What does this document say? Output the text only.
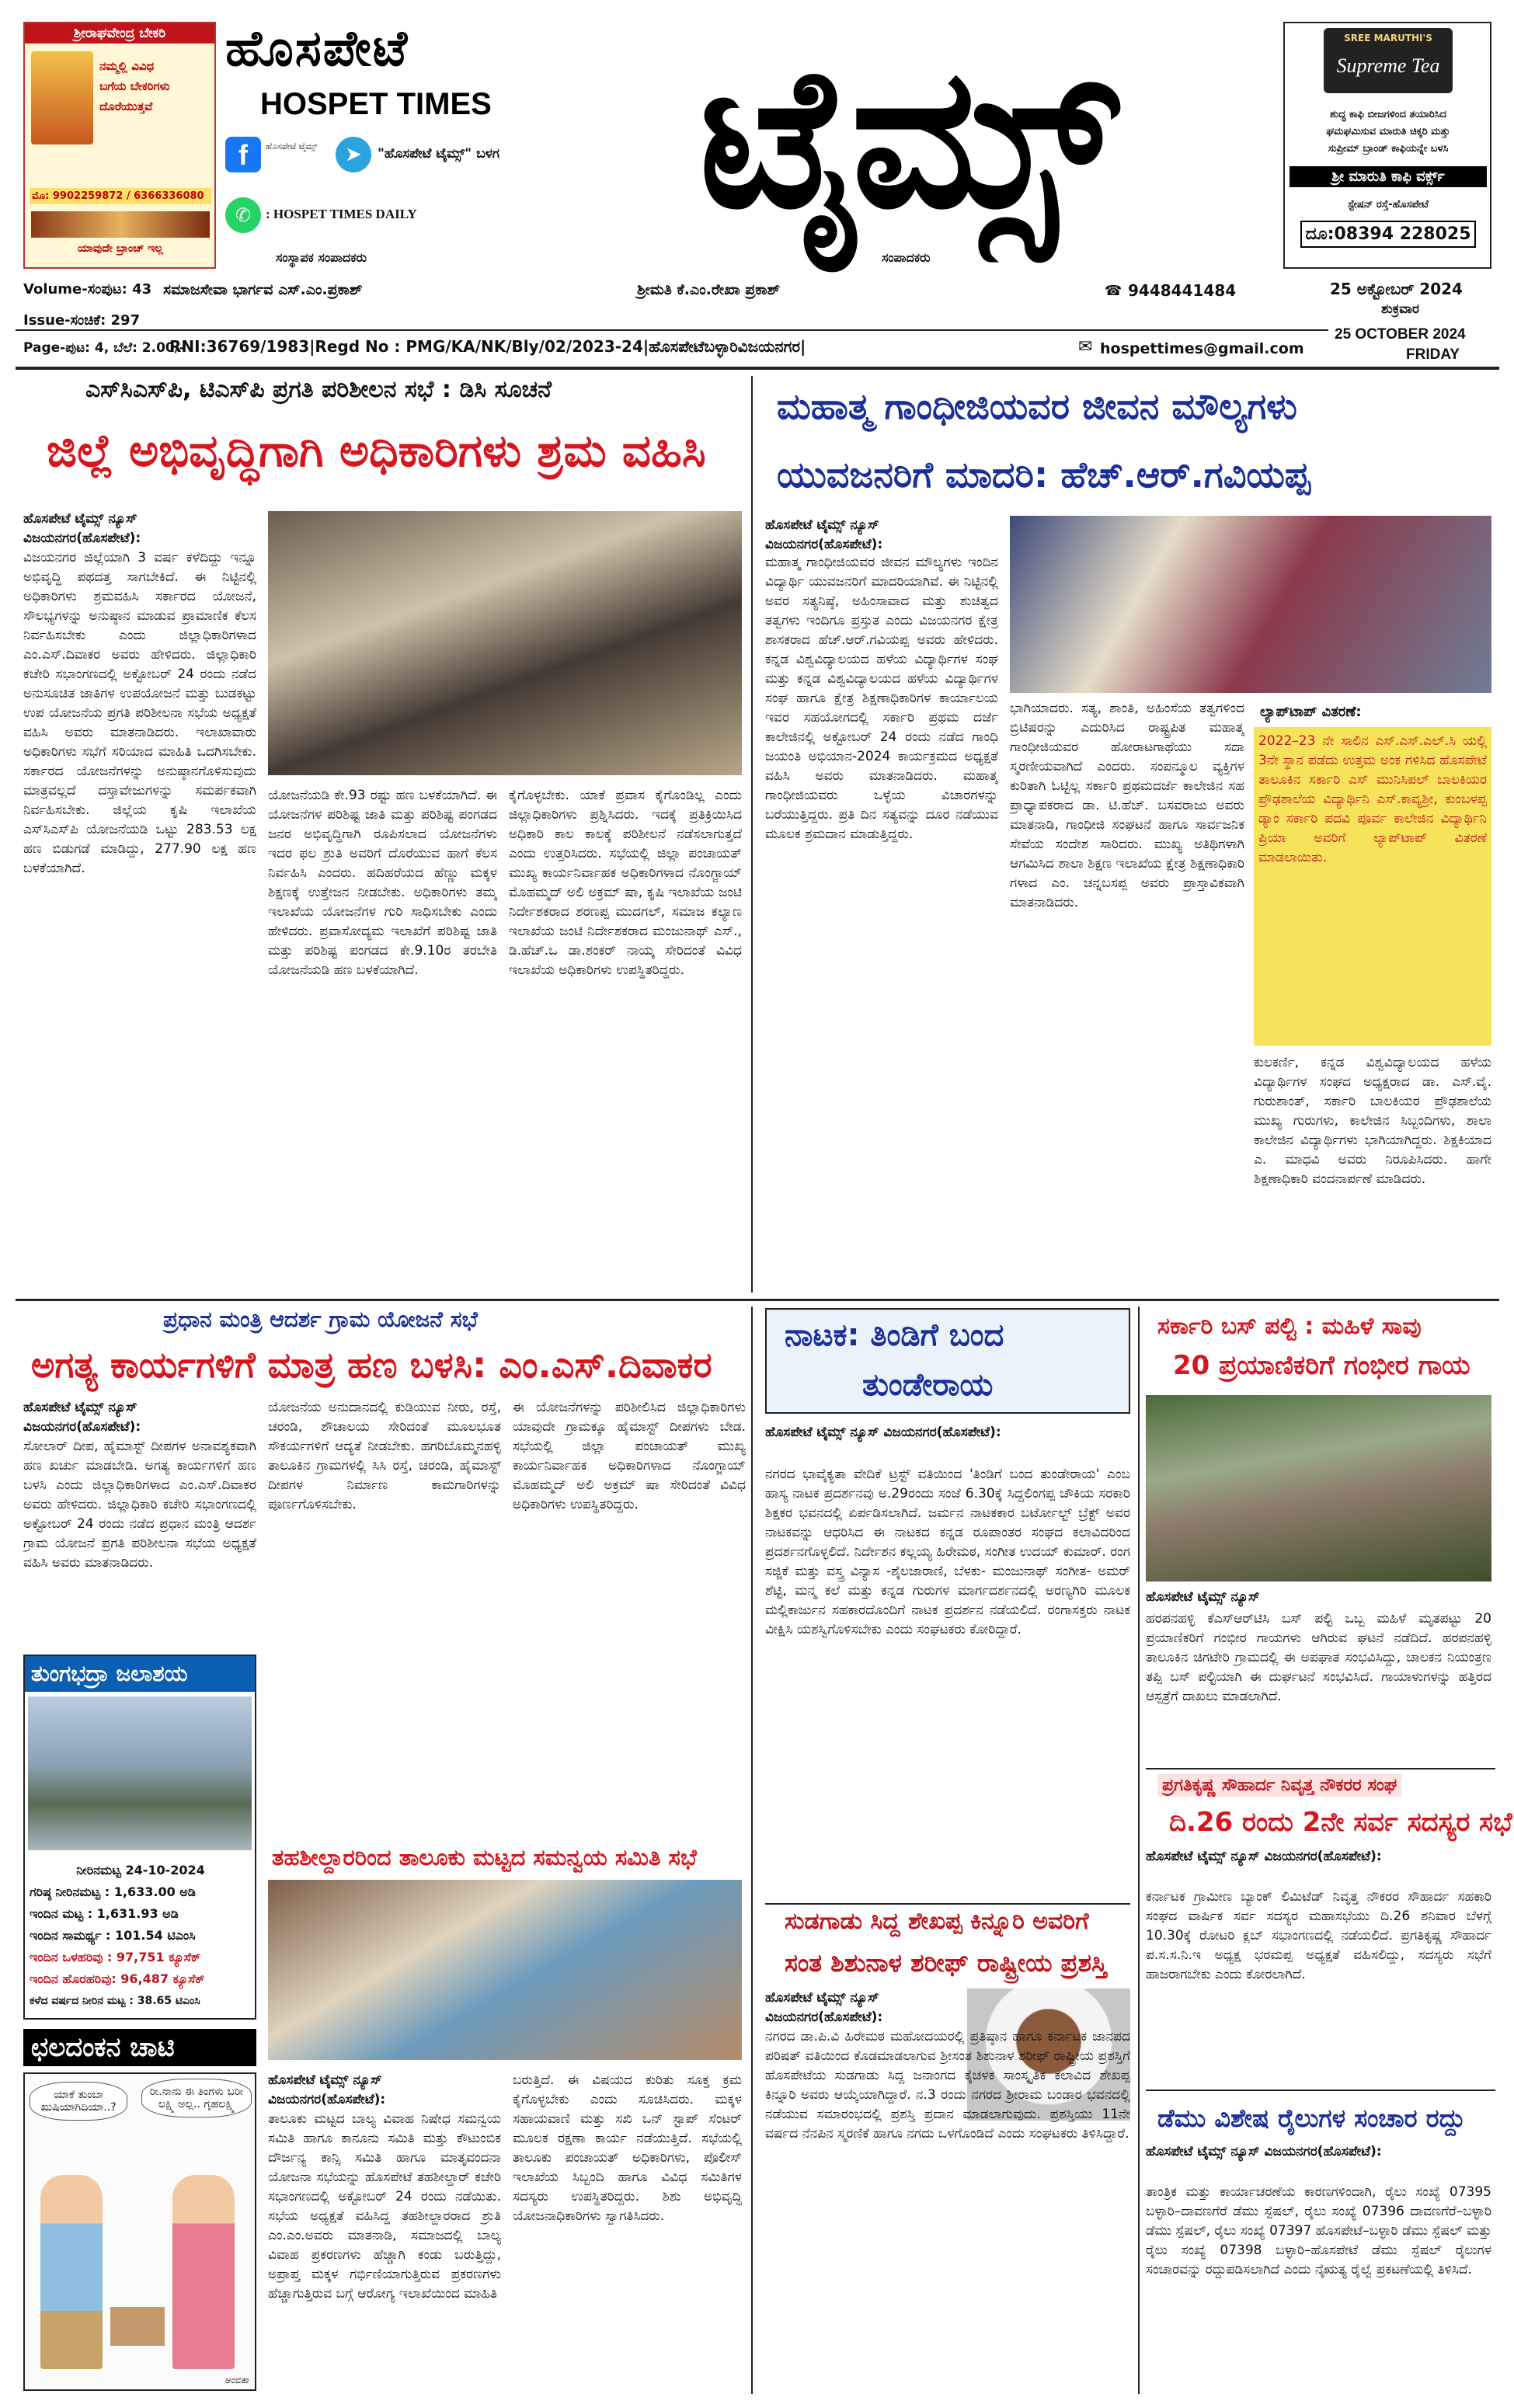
ಶ್ರೀರಾಘವೇಂದ್ರ ಬೇಕರಿ
ನಮ್ಮಲ್ಲಿ ವಿವಿಧ
ಬಗೆಯ ಬೇಕರಿಗಳು
ದೊರೆಯುತ್ತವೆ
ಮೊ: 9902259872 / 6366336080
ಯಾವುದೇ ಬ್ರಾಂಚ್ ಇಲ್ಲ
ಹೊಸಪೇಟೆ
HOSPET TIMES
f	ಹೊಸಪೇಟೆ ಟೈಮ್ಸ್	➤	"ಹೊಸಪೇಟೆ ಟೈಮ್ಸ್" ಬಳಗ
✆	: HOSPET TIMES DAILY
ಸಂಸ್ಥಾಪಕ ಸಂಪಾದಕರು
ಟೈಮ್ಸ್
ಸಂಪಾದಕರು
SREE MARUTHI'S
Supreme Tea
ಶುದ್ಧ ಕಾಫಿ ಬೀಜಗಳಿಂದ ತಯಾರಿಸಿದ
ಘಮಘಮಿಸುವ ಮಾರುತಿ ಚಿಕ್ಕರಿ ಮತ್ತು
ಸುಪ್ರೀಮ್ ಬ್ರಾಂಡ್ ಕಾಫಿಯನ್ನೇ ಬಳಸಿ
ಶ್ರೀ ಮಾರುತಿ ಕಾಫಿ ವರ್ಕ್ಸ್
ಸ್ಟೇಷನ್ ರಸ್ತೆ-ಹೊಸಪೇಟೆ
ದೂ:08394 228025
Volume-ಸಂಪುಟ: 43 ಸಮಾಜಸೇವಾ ಭಾರ್ಗವ ಎಸ್.ಎಂ.ಪ್ರಕಾಶ್	ಶ್ರೀಮತಿ ಕೆ.ಎಂ.ರೇಖಾ ಪ್ರಕಾಶ್	☎ 9448441484	25 ಅಕ್ಟೋಬರ್ 2024
ಶುಕ್ರವಾರ
Issue-ಸಂಚಿಕೆ: 297
Page-ಪುಟ: 4, ಬೆಲೆ: 2.00/-
RNI:36769/1983|Regd No : PMG/KA/NK/Bly/02/2023-24|ಹೊಸಪೇಟೆಬಳ್ಳಾರಿವಿಜಯನಗರ|	✉ hospettimes@gmail.com
25 OCTOBER 2024
FRIDAY
ಎಸ್‌ಸಿಎಸ್‌ಪಿ, ಟಿಎಸ್‌ಪಿ ಪ್ರಗತಿ ಪರಿಶೀಲನ ಸಭೆ : ಡಿಸಿ ಸೂಚನೆ
ಜಿಲ್ಲೆ ಅಭಿವೃದ್ಧಿಗಾಗಿ ಅಧಿಕಾರಿಗಳು ಶ್ರಮ ವಹಿಸಿ
ಹೊಸಪೇಟೆ ಟೈಮ್ಸ್ ನ್ಯೂಸ್ ವಿಜಯನಗರ(ಹೊಸಪೇಟೆ):
ವಿಜಯನಗರ ಜಿಲ್ಲೆಯಾಗಿ 3 ವರ್ಷ ಕಳೆದಿದ್ದು ಇನ್ನೂ ಅಭಿವೃದ್ಧಿ ಪಥದತ್ತ ಸಾಗಬೇಕಿದೆ. ಈ ನಿಟ್ಟಿನಲ್ಲಿ ಅಧಿಕಾರಿಗಳು ಶ್ರಮವಹಿಸಿ ಸರ್ಕಾರದ ಯೋಜನೆ, ಸೌಲಭ್ಯಗಳನ್ನು ಅನುಷ್ಠಾನ ಮಾಡುವ ಪ್ರಾಮಾಣಿಕ ಕೆಲಸ ನಿರ್ವಹಿಸಬೇಕು ಎಂದು ಜಿಲ್ಲಾಧಿಕಾರಿಗಳಾದ ಎಂ.ಎಸ್.ದಿವಾಕರ ಅವರು ಹೇಳಿದರು. ಜಿಲ್ಲಾಧಿಕಾರಿ ಕಚೇರಿ ಸಭಾಂಗಣದಲ್ಲಿ ಅಕ್ಟೋಬರ್ 24 ರಂದು ನಡೆದ ಅನುಸೂಚಿತ ಜಾತಿಗಳ ಉಪಯೋಜನೆ ಮತ್ತು ಬುಡಕಟ್ಟು ಉಪ ಯೋಜನೆಯ ಪ್ರಗತಿ ಪರಿಶೀಲನಾ ಸಭೆಯ ಅಧ್ಯಕ್ಷತೆ ವಹಿಸಿ ಅವರು ಮಾತನಾಡಿದರು. ಇಲಾಖಾವಾರು ಅಧಿಕಾರಿಗಳು ಸಭೆಗೆ ಸರಿಯಾದ ಮಾಹಿತಿ ಒದಗಿಸಬೇಕು. ಸರ್ಕಾರದ ಯೋಜನೆಗಳನ್ನು ಅನುಷ್ಠಾನಗೊಳಿಸುವುದು ಮಾತ್ರವಲ್ಲದೆ ದಸ್ತಾವೇಜುಗಳನ್ನು ಸಮರ್ಪಕವಾಗಿ ನಿರ್ವಹಿಸಬೇಕು. ಜಿಲ್ಲೆಯ ಕೃಷಿ ಇಲಾಖೆಯ ಎಸ್‌ಸಿಎಸ್‌ಪಿ ಯೋಜನೆಯಡಿ ಒಟ್ಟು 283.53 ಲಕ್ಷ ಹಣ ಬಿಡುಗಡೆ ಮಾಡಿದ್ದು, 277.90 ಲಕ್ಷ ಹಣ ಬಳಕೆಯಾಗಿದೆ.
ಯೋಜನೆಯಡಿ ಕೇ.93 ರಷ್ಟು ಹಣ ಬಳಕೆಯಾಗಿದೆ. ಈ ಯೋಜನೆಗಳ ಪರಿಶಿಷ್ಟ ಜಾತಿ ಮತ್ತು ಪರಿಶಿಷ್ಟ ಪಂಗಡದ ಜನರ ಅಭಿವೃದ್ಧಿಗಾಗಿ ರೂಪಿಸಲಾದ ಯೋಜನೆಗಳು ಇದರ ಫಲ ಶ್ರುತಿ ಅವರಿಗೆ ದೊರೆಯುವ ಹಾಗೆ ಕೆಲಸ ನಿರ್ವಹಿಸಿ ಎಂದರು. ಹದಿಹರೆಯದ ಹೆಣ್ಣು ಮಕ್ಕಳ ಶಿಕ್ಷಣಕ್ಕೆ ಉತ್ತೇಜನ ನೀಡಬೇಕು. ಅಧಿಕಾರಿಗಳು ತಮ್ಮ ಇಲಾಖೆಯ ಯೋಜನೆಗಳ ಗುರಿ ಸಾಧಿಸಬೇಕು ಎಂದು ಹೇಳಿದರು. ಪ್ರವಾಸೋದ್ಯಮ ಇಲಾಖೆಗೆ ಪರಿಶಿಷ್ಟ ಜಾತಿ ಮತ್ತು ಪರಿಶಿಷ್ಟ ಪಂಗಡದ ಕೇ.9.10ರ ತರಬೇತಿ ಯೋಜನೆಯಡಿ ಹಣ ಬಳಕೆಯಾಗಿದೆ.
ಕೈಗೊಳ್ಳಬೇಕು. ಯಾಕೆ ಪ್ರವಾಸ ಕೈಗೊಂಡಿಲ್ಲ ಎಂದು ಜಿಲ್ಲಾಧಿಕಾರಿಗಳು ಪ್ರಶ್ನಿಸಿದರು. ಇದಕ್ಕೆ ಪ್ರತಿಕ್ರಿಯಿಸಿದ ಅಧಿಕಾರಿ ಕಾಲ ಕಾಲಕ್ಕೆ ಪರಿಶೀಲನೆ ನಡೆಸಲಾಗುತ್ತದೆ ಎಂದು ಉತ್ತರಿಸಿದರು. ಸಭೆಯಲ್ಲಿ ಜಿಲ್ಲಾ ಪಂಚಾಯತ್ ಮುಖ್ಯ ಕಾರ್ಯನಿರ್ವಾಹಕ ಅಧಿಕಾರಿಗಳಾದ ನೊಂಗ್ಜಾಯ್ ಮೊಹಮ್ಮದ್ ಅಲಿ ಅಕ್ರಮ್ ಷಾ, ಕೃಷಿ ಇಲಾಖೆಯ ಜಂಟಿ ನಿರ್ದೇಶಕರಾದ ಶರಣಪ್ಪ ಮುದಗಲ್, ಸಮಾಜ ಕಲ್ಯಾಣ ಇಲಾಖೆಯ ಜಂಟಿ ನಿರ್ದೇಶಕರಾದ ಮಂಜುನಾಥ್ ಎಸ್., ಡಿ.ಹೆಚ್.ಒ ಡಾ.ಶಂಕರ್ ನಾಯ್ಕ ಸೇರಿದಂತೆ ವಿವಿಧ ಇಲಾಖೆಯ ಅಧಿಕಾರಿಗಳು ಉಪಸ್ಥಿತರಿದ್ದರು.
ಮಹಾತ್ಮ ಗಾಂಧೀಜಿಯವರ ಜೀವನ ಮೌಲ್ಯಗಳು
ಯುವಜನರಿಗೆ ಮಾದರಿ: ಹೆಚ್.ಆರ್.ಗವಿಯಪ್ಪ
ಹೊಸಪೇಟೆ ಟೈಮ್ಸ್ ನ್ಯೂಸ್ ವಿಜಯನಗರ(ಹೊಸಪೇಟೆ):
ಮಹಾತ್ಮ ಗಾಂಧೀಜಿಯವರ ಜೀವನ ಮೌಲ್ಯಗಳು ಇಂದಿನ ವಿದ್ಯಾರ್ಥಿ ಯುವಜನರಿಗೆ ಮಾದರಿಯಾಗಿವೆ. ಈ ನಿಟ್ಟಿನಲ್ಲಿ ಅವರ ಸತ್ಯನಿಷ್ಠೆ, ಅಹಿಂಸಾವಾದ ಮತ್ತು ಶುಚಿತ್ವದ ತತ್ವಗಳು ಇಂದಿಗೂ ಪ್ರಸ್ತುತ ಎಂದು ವಿಜಯನಗರ ಕ್ಷೇತ್ರ ಶಾಸಕರಾದ ಹೆಚ್.ಆರ್.ಗವಿಯಪ್ಪ ಅವರು ಹೇಳಿದರು. ಕನ್ನಡ ವಿಶ್ವವಿದ್ಯಾಲಯದ ಹಳೆಯ ವಿದ್ಯಾರ್ಥಿಗಳ ಸಂಘ ಮತ್ತು ಕನ್ನಡ ವಿಶ್ವವಿದ್ಯಾಲಯದ ಹಳೆಯ ವಿದ್ಯಾರ್ಥಿಗಳ ಸಂಘ ಹಾಗೂ ಕ್ಷೇತ್ರ ಶಿಕ್ಷಣಾಧಿಕಾರಿಗಳ ಕಾರ್ಯಾಲಯ ಇವರ ಸಹಯೋಗದಲ್ಲಿ ಸರ್ಕಾರಿ ಪ್ರಥಮ ದರ್ಜೆ ಕಾಲೇಜಿನಲ್ಲಿ ಅಕ್ಟೋಬರ್ 24 ರಂದು ನಡೆದ ಗಾಂಧಿ ಜಯಂತಿ ಅಭಿಯಾನ-2024 ಕಾರ್ಯಕ್ರಮದ ಅಧ್ಯಕ್ಷತೆ ವಹಿಸಿ ಅವರು ಮಾತನಾಡಿದರು. ಮಹಾತ್ಮ ಗಾಂಧೀಜಿಯವರು ಒಳ್ಳೆಯ ವಿಚಾರಗಳನ್ನು ಬರೆಯುತ್ತಿದ್ದರು. ಪ್ರತಿ ದಿನ ಸತ್ಯವನ್ನು ದೂರ ನಡೆಯುವ ಮೂಲಕ ಶ್ರಮದಾನ ಮಾಡುತ್ತಿದ್ದರು.
ಭಾಗಿಯಾದರು. ಸತ್ಯ, ಶಾಂತಿ, ಅಹಿಂಸೆಯ ತತ್ವಗಳಿಂದ ಬ್ರಿಟಿಷರನ್ನು ಎದುರಿಸಿದ ರಾಷ್ಟ್ರಪಿತ ಮಹಾತ್ಮ ಗಾಂಧೀಜಿಯವರ ಹೋರಾಟಗಾಥೆಯು ಸದಾ ಸ್ಮರಣೀಯವಾಗಿದೆ ಎಂದರು. ಸಂಪನ್ಮೂಲ ವ್ಯಕ್ತಿಗಳ ಕುರಿತಾಗಿ ಓಟ್ಟಿಲ್ಲ ಸರ್ಕಾರಿ ಪ್ರಥಮದರ್ಜೆ ಕಾಲೇಜಿನ ಸಹ ಪ್ರಾಧ್ಯಾಪಕರಾದ ಡಾ. ಟಿ.ಹೆಚ್. ಬಸವರಾಜು ಅವರು ಮಾತನಾಡಿ, ಗಾಂಧೀಜಿ ಸಂಘಟನೆ ಹಾಗೂ ಸಾರ್ವಜನಿಕ ಸೇವೆಯ ಸಂದೇಶ ಸಾರಿದರು. ಮುಖ್ಯ ಅತಿಥಿಗಳಾಗಿ ಆಗಮಿಸಿದ ಶಾಲಾ ಶಿಕ್ಷಣ ಇಲಾಖೆಯ ಕ್ಷೇತ್ರ ಶಿಕ್ಷಣಾಧಿಕಾರಿ ಗಳಾದ ಎಂ. ಚನ್ನಬಸಪ್ಪ ಅವರು ಪ್ರಾಸ್ತಾವಿಕವಾಗಿ ಮಾತನಾಡಿದರು.
ಲ್ಯಾಪ್‌ಟಾಪ್ ವಿತರಣೆ:
2022–23 ನೇ ಸಾಲಿನ ಎಸ್.ಎಸ್.ಎಲ್.ಸಿ ಯಲ್ಲಿ 3ನೇ ಸ್ಥಾನ ಪಡೆದು ಉತ್ತಮ ಅಂಕ ಗಳಿಸಿದ ಹೊಸಪೇಟೆ ತಾಲೂಕಿನ ಸರ್ಕಾರಿ ಎಸ್ ಮುನಿಸಿಪಲ್ ಬಾಲಕಿಯರ ಪ್ರೌಢಶಾಲೆಯ ವಿದ್ಯಾರ್ಥಿನಿ ಎಸ್.ಕಾವ್ಯಶ್ರೀ, ಕುಂಬಳಪ್ಪ ಡ್ಯಾಂ ಸರ್ಕಾರಿ ಪದವಿ ಪೂರ್ವ ಕಾಲೇಜಿನ ವಿದ್ಯಾರ್ಥಿನಿ ಪ್ರಿಯಾ ಅವರಿಗೆ ಲ್ಯಾಪ್‌ಟಾಪ್ ವಿತರಣೆ ಮಾಡಲಾಯಿತು.
ಕುಲಕರ್ಣಿ, ಕನ್ನಡ ವಿಶ್ವವಿದ್ಯಾಲಯದ ಹಳೆಯ ವಿದ್ಯಾರ್ಥಿಗಳ ಸಂಘದ ಅಧ್ಯಕ್ಷರಾದ ಡಾ. ಎಸ್.ವೈ. ಗುರುಶಾಂತ್, ಸರ್ಕಾರಿ ಬಾಲಕಿಯರ ಪ್ರೌಢಶಾಲೆಯ ಮುಖ್ಯ ಗುರುಗಳು, ಕಾಲೇಜಿನ ಸಿಬ್ಬಂದಿಗಳು, ಶಾಲಾ ಕಾಲೇಜಿನ ವಿದ್ಯಾರ್ಥಿಗಳು ಭಾಗಿಯಾಗಿದ್ದರು. ಶಿಕ್ಷಕಿಯಾದ ಎ. ಮಾಧವಿ ಅವರು ನಿರೂಪಿಸಿದರು. ಹಾಗೇ ಶಿಕ್ಷಣಾಧಿಕಾರಿ ವಂದನಾರ್ಪಣೆ ಮಾಡಿದರು.
ಪ್ರಧಾನ ಮಂತ್ರಿ ಆದರ್ಶ ಗ್ರಾಮ ಯೋಜನೆ ಸಭೆ
ಅಗತ್ಯ ಕಾರ್ಯಗಳಿಗೆ ಮಾತ್ರ ಹಣ ಬಳಸಿ: ಎಂ.ಎಸ್.ದಿವಾಕರ
ಹೊಸಪೇಟೆ ಟೈಮ್ಸ್ ನ್ಯೂಸ್ ವಿಜಯನಗರ(ಹೊಸಪೇಟೆ):
ಸೋಲಾರ್ ದೀಪ, ಹೈಮಾಸ್ಟ್ ದೀಪಗಳ ಅನಾವಶ್ಯಕವಾಗಿ ಹಣ ಖರ್ಚು ಮಾಡಬೇಡಿ. ಅಗತ್ಯ ಕಾರ್ಯಗಳಿಗೆ ಹಣ ಬಳಸಿ ಎಂದು ಜಿಲ್ಲಾಧಿಕಾರಿಗಳಾದ ಎಂ.ಎಸ್.ದಿವಾಕರ ಅವರು ಹೇಳಿದರು. ಜಿಲ್ಲಾಧಿಕಾರಿ ಕಚೇರಿ ಸಭಾಂಗಣದಲ್ಲಿ ಅಕ್ಟೋಬರ್ 24 ರಂದು ನಡೆದ ಪ್ರಧಾನ ಮಂತ್ರಿ ಆದರ್ಶ ಗ್ರಾಮ ಯೋಜನೆ ಪ್ರಗತಿ ಪರಿಶೀಲನಾ ಸಭೆಯ ಅಧ್ಯಕ್ಷತೆ ವಹಿಸಿ ಅವರು ಮಾತನಾಡಿದರು.
ಯೋಜನೆಯ ಅನುದಾನದಲ್ಲಿ ಕುಡಿಯುವ ನೀರು, ರಸ್ತೆ, ಚರಂಡಿ, ಶೌಚಾಲಯ ಸೇರಿದಂತೆ ಮೂಲಭೂತ ಸೌಕರ್ಯಗಳಿಗೆ ಆದ್ಯತೆ ನೀಡಬೇಕು. ಹಗರಿಬೊಮ್ಮನಹಳ್ಳಿ ತಾಲೂಕಿನ ಗ್ರಾಮಗಳಲ್ಲಿ ಸಿಸಿ ರಸ್ತೆ, ಚರಂಡಿ, ಹೈಮಾಸ್ಟ್ ದೀಪಗಳ ನಿರ್ಮಾಣ ಕಾಮಗಾರಿಗಳನ್ನು ಪೂರ್ಣಗೊಳಿಸಬೇಕು.
ಈ ಯೋಜನೆಗಳನ್ನು ಪರಿಶೀಲಿಸಿದ ಜಿಲ್ಲಾಧಿಕಾರಿಗಳು ಯಾವುದೇ ಗ್ರಾಮಕ್ಕೂ ಹೈಮಾಸ್ಟ್ ದೀಪಗಳು ಬೇಡ. ಸಭೆಯಲ್ಲಿ ಜಿಲ್ಲಾ ಪಂಚಾಯತ್ ಮುಖ್ಯ ಕಾರ್ಯನಿರ್ವಾಹಕ ಅಧಿಕಾರಿಗಳಾದ ನೊಂಗ್ಜಾಯ್ ಮೊಹಮ್ಮದ್ ಅಲಿ ಅಕ್ರಮ್ ಷಾ ಸೇರಿದಂತೆ ವಿವಿಧ ಅಧಿಕಾರಿಗಳು ಉಪಸ್ಥಿತರಿದ್ದರು.
ತುಂಗಭದ್ರಾ ಜಲಾಶಯ
ನೀರಿನಮಟ್ಟ 24-10-2024
ಗರಿಷ್ಠ ನೀರಿನಮಟ್ಟ : 1,633.00 ಅಡಿ
ಇಂದಿನ ಮಟ್ಟ : 1,631.93 ಅಡಿ
ಇಂದಿನ ಸಾಮರ್ಥ್ಯ : 101.54 ಟಿಎಂಸಿ
ಇಂದಿನ ಒಳಹರಿವು : 97,751 ಕ್ಯೂಸೆಕ್
ಇಂದಿನ ಹೊರಹರಿವು: 96,487 ಕ್ಯೂಸೆಕ್
ಕಳೆದ ವರ್ಷದ ನೀರಿನ ಮಟ್ಟ : 38.65 ಟಿಎಂಸಿ
ಛಲದಂಕನ ಚಾಟಿ
ಯಾಕೆ ತುಂಬಾ ಖುಷಿಯಾಗಿದಿಯಾ..?
ರೀ.ನಾನು ಈ ತಿಂಗಳು ಬರೀ ಲಕ್ಷ್ಮಿ ಅಲ್ಲ.. ಗೃಹಲಕ್ಷ್ಮಿ
ಅಂಬಿಕಾ
ತಹಶೀಲ್ದಾರರಿಂದ ತಾಲೂಕು ಮಟ್ಟದ ಸಮನ್ವಯ ಸಮಿತಿ ಸಭೆ
ಹೊಸಪೇಟೆ ಟೈಮ್ಸ್ ನ್ಯೂಸ್ ವಿಜಯನಗರ(ಹೊಸಪೇಟೆ):
ತಾಲೂಕು ಮಟ್ಟದ ಬಾಲ್ಯ ವಿವಾಹ ನಿಷೇಧ ಸಮನ್ವಯ ಸಮಿತಿ ಹಾಗೂ ಕಾನೂನು ಸಮಿತಿ ಮತ್ತು ಕೌಟುಂಬಿಕ ದೌರ್ಜನ್ಯ ಕಾನ್ಸಿ ಸಮಿತಿ ಹಾಗೂ ಮಾತೃವಂದನಾ ಯೋಜನಾ ಸಭೆಯನ್ನು ಹೊಸಪೇಟೆ ತಹಶೀಲ್ದಾರ್ ಕಚೇರಿ ಸಭಾಂಗಣದಲ್ಲಿ ಅಕ್ಟೋಬರ್ 24 ರಂದು ನಡೆಯಿತು. ಸಭೆಯ ಅಧ್ಯಕ್ಷತೆ ವಹಿಸಿದ್ದ ತಹಶೀಲ್ದಾರರಾದ ಶ್ರುತಿ ಎಂ.ಎಂ.ಅವರು ಮಾತನಾಡಿ, ಸಮಾಜದಲ್ಲಿ ಬಾಲ್ಯ ವಿವಾಹ ಪ್ರಕರಣಗಳು ಹೆಚ್ಚಾಗಿ ಕಂಡು ಬರುತ್ತಿದ್ದು, ಅಪ್ರಾಪ್ತ ಮಕ್ಕಳ ಗರ್ಭಿಣಿಯಾಗುತ್ತಿರುವ ಪ್ರಕರಣಗಳು ಹೆಚ್ಚಾಗುತ್ತಿರುವ ಬಗ್ಗೆ ಆರೋಗ್ಯ ಇಲಾಖೆಯಿಂದ ಮಾಹಿತಿ
ಬರುತ್ತಿದೆ. ಈ ವಿಷಯದ ಕುರಿತು ಸೂಕ್ತ ಕ್ರಮ ಕೈಗೊಳ್ಳಬೇಕು ಎಂದು ಸೂಚಿಸಿದರು. ಮಕ್ಕಳ ಸಹಾಯವಾಣಿ ಮತ್ತು ಸಖಿ ಒನ್ ಸ್ಟಾಪ್ ಸೆಂಟರ್ ಮೂಲಕ ರಕ್ಷಣಾ ಕಾರ್ಯ ನಡೆಯುತ್ತಿದೆ. ಸಭೆಯಲ್ಲಿ ತಾಲೂಕು ಪಂಚಾಯತ್ ಅಧಿಕಾರಿಗಳು, ಪೊಲೀಸ್ ಇಲಾಖೆಯ ಸಿಬ್ಬಂದಿ ಹಾಗೂ ವಿವಿಧ ಸಮಿತಿಗಳ ಸದಸ್ಯರು ಉಪಸ್ಥಿತರಿದ್ದರು. ಶಿಶು ಅಭಿವೃದ್ಧಿ ಯೋಜನಾಧಿಕಾರಿಗಳು ಸ್ವಾಗತಿಸಿದರು.
ನಾಟಕ: ತಿಂಡಿಗೆ ಬಂದ
ತುಂಡೇರಾಯ
ಹೊಸಪೇಟೆ ಟೈಮ್ಸ್ ನ್ಯೂಸ್ ವಿಜಯನಗರ(ಹೊಸಪೇಟೆ):
ನಗರದ ಭಾವೈಕ್ಯತಾ ವೇದಿಕೆ ಟ್ರಸ್ಟ್ ವತಿಯಿಂದ 'ತಿಂಡಿಗೆ ಬಂದ ತುಂಡೇರಾಯ' ಎಂಬ ಹಾಸ್ಯ ನಾಟಕ ಪ್ರದರ್ಶನವು ಅ.29ರಂದು ಸಂಜೆ 6.30ಕ್ಕೆ ಸಿದ್ದಲಿಂಗಪ್ಪ ಚೌಕಿಯ ಸರಕಾರಿ ಶಿಕ್ಷಕರ ಭವನದಲ್ಲಿ ಏರ್ಪಡಿಸಲಾಗಿದೆ. ಜರ್ಮನ ನಾಟಕಕಾರ ಬರ್ಟೋಲ್ಟ್ ಬ್ರೆಕ್ಟ್ ಅವರ ನಾಟಕವನ್ನು ಆಧರಿಸಿದ ಈ ನಾಟಕದ ಕನ್ನಡ ರೂಪಾಂತರ ಸಂಘದ ಕಲಾವಿದರಿಂದ ಪ್ರದರ್ಶನಗೊಳ್ಳಲಿದೆ. ನಿರ್ದೇಶನ ಕಲ್ಲಯ್ಯ ಹಿರೇಮಠ, ಸಂಗೀತ ಉದಯ್ ಕುಮಾರ್. ರಂಗ ಸಜ್ಜಿಕೆ ಮತ್ತು ವಸ್ತ್ರ ವಿನ್ಯಾಸ -ಶೈಲಜಾರಾಣಿ, ಬೆಳಕು- ಮಂಜುನಾಥ್ ಸಂಗೀತ- ಅಮರ್ ಶೆಟ್ಟಿ, ಮನ್ಮ ಕಲೆ ಮತ್ತು ಕನ್ನಡ ಗುರುಗಳ ಮಾರ್ಗದರ್ಶನದಲ್ಲಿ ಅರಣ್ಯಗಿರಿ ಮೂಲಕ ಮಲ್ಲಿಕಾರ್ಜುನ ಸಹಕಾರದೊಂದಿಗೆ ನಾಟಕ ಪ್ರದರ್ಶನ ನಡೆಯಲಿದೆ. ರಂಗಾಸಕ್ತರು ನಾಟಕ ವೀಕ್ಷಿಸಿ ಯಶಸ್ವಿಗೊಳಿಸಬೇಕು ಎಂದು ಸಂಘಟಕರು ಕೋರಿದ್ದಾರೆ.
ಸರ್ಕಾರಿ ಬಸ್ ಪಲ್ಟಿ : ಮಹಿಳೆ ಸಾವು
20 ಪ್ರಯಾಣಿಕರಿಗೆ ಗಂಭೀರ ಗಾಯ
ಹೊಸಪೇಟೆ ಟೈಮ್ಸ್ ನ್ಯೂಸ್
ಹರಪನಹಳ್ಳಿ ಕೆಎಸ್‌ಆರ್‌ಟಿಸಿ ಬಸ್ ಪಲ್ಟಿ ಒಬ್ಬ ಮಹಿಳೆ ಮೃತಪಟ್ಟು 20 ಪ್ರಯಾಣಿಕರಿಗೆ ಗಂಭೀರ ಗಾಯಗಳು ಆಗಿರುವ ಘಟನೆ ನಡೆದಿದೆ. ಹರಪನಹಳ್ಳಿ ತಾಲೂಕಿನ ಚಿಗಟೇರಿ ಗ್ರಾಮದಲ್ಲಿ ಈ ಅಪಘಾತ ಸಂಭವಿಸಿದ್ದು, ಚಾಲಕನ ನಿಯಂತ್ರಣ ತಪ್ಪಿ ಬಸ್ ಪಲ್ಟಿಯಾಗಿ ಈ ದುರ್ಘಟನೆ ಸಂಭವಿಸಿದೆ. ಗಾಯಾಳುಗಳನ್ನು ಹತ್ತಿರದ ಆಸ್ಪತ್ರೆಗೆ ದಾಖಲು ಮಾಡಲಾಗಿದೆ.
ಪ್ರಗತಿಕೃಷ್ಣ ಸೌಹಾರ್ದ ನಿವೃತ್ತ ನೌಕರರ ಸಂಘ
ದಿ.26 ರಂದು 2ನೇ ಸರ್ವ ಸದಸ್ಯರ ಸಭೆ
ಹೊಸಪೇಟೆ ಟೈಮ್ಸ್ ನ್ಯೂಸ್ ವಿಜಯನಗರ(ಹೊಸಪೇಟೆ):
ಕರ್ನಾಟಕ ಗ್ರಾಮೀಣ ಬ್ಯಾಂಕ್ ಲಿಮಿಟೆಡ್ ನಿವೃತ್ತ ನೌಕರರ ಸೌಹಾರ್ದ ಸಹಕಾರಿ ಸಂಘದ ವಾರ್ಷಿಕ ಸರ್ವ ಸದಸ್ಯರ ಮಹಾಸಭೆಯು ದಿ.26 ಶನಿವಾರ ಬೆಳಗ್ಗೆ 10.30ಕ್ಕೆ ರೋಟರಿ ಕ್ಲಬ್ ಸಭಾಂಗಣದಲ್ಲಿ ನಡೆಯಲಿದೆ. ಪ್ರಗತಿಕೃಷ್ಣ ಸೌಹಾರ್ದ ಪ.ಸ.ಸ.ನಿ.ಇ ಅಧ್ಯಕ್ಷ ಭರಮಪ್ಪ ಅಧ್ಯಕ್ಷತೆ ವಹಿಸಲಿದ್ದು, ಸದಸ್ಯರು ಸಭೆಗೆ ಹಾಜರಾಗಬೇಕು ಎಂದು ಕೋರಲಾಗಿದೆ.
ಸುಡಗಾಡು ಸಿದ್ದ ಶೇಖಪ್ಪ ಕಿನ್ನೂರಿ ಅವರಿಗೆ
ಸಂತ ಶಿಶುನಾಳ ಶರೀಫ್ ರಾಷ್ಟ್ರೀಯ ಪ್ರಶಸ್ತಿ
ಹೊಸಪೇಟೆ ಟೈಮ್ಸ್ ನ್ಯೂಸ್ ವಿಜಯನಗರ(ಹೊಸಪೇಟೆ):
ನಗರದ ಡಾ.ಪಿ.ವಿ ಹಿರೇಮಠ ಮಹೋದಯರಲ್ಲಿ ಪ್ರತಿಷ್ಠಾನ ಹಾಗೂ ಕರ್ನಾಟಕ ಜಾನಪದ ಪರಿಷತ್ ವತಿಯಿಂದ ಕೊಡಮಾಡಲಾಗುವ ಶ್ರೀಸಂತ ಶಿಶುನಾಳ ಶರೀಫ್ ರಾಷ್ಟ್ರೀಯ ಪ್ರಶಸ್ತಿಗೆ ಹೊಸಪೇಟೆಯ ಸುಡಗಾಡು ಸಿದ್ದ ಜನಾಂಗದ ಕೈಚಳಕ ಸಾಂಸ್ಕೃತಿಕ ಕಲಾವಿದ ಶೇಖಪ್ಪ ಕಿನ್ನೂರಿ ಅವರು ಆಯ್ಕೆಯಾಗಿದ್ದಾರೆ. ನ.3 ರಂದು ನಗರದ ಶ್ರೀರಾಮ ಬಂಡಾರ ಭವನದಲ್ಲಿ ನಡೆಯುವ ಸಮಾರಂಭದಲ್ಲಿ ಪ್ರಶಸ್ತಿ ಪ್ರದಾನ ಮಾಡಲಾಗುವುದು. ಪ್ರಶಸ್ತಿಯು 11ನೇ ವರ್ಷದ ನೆನಪಿನ ಸ್ಮರಣಿಕೆ ಹಾಗೂ ನಗದು ಒಳಗೊಂಡಿದೆ ಎಂದು ಸಂಘಟಕರು ತಿಳಿಸಿದ್ದಾರೆ.
ಡೆಮು ವಿಶೇಷ ರೈಲುಗಳ ಸಂಚಾರ ರದ್ದು
ಹೊಸಪೇಟೆ ಟೈಮ್ಸ್ ನ್ಯೂಸ್ ವಿಜಯನಗರ(ಹೊಸಪೇಟೆ):
ತಾಂತ್ರಿಕ ಮತ್ತು ಕಾರ್ಯಾಚರಣೆಯ ಕಾರಣಗಳಿಂದಾಗಿ, ರೈಲು ಸಂಖ್ಯೆ 07395 ಬಳ್ಳಾರಿ–ದಾವಣಗೆರೆ ಡೆಮು ಸ್ಪೆಷಲ್, ರೈಲು ಸಂಖ್ಯೆ 07396 ದಾವಣಗೆರೆ–ಬಳ್ಳಾರಿ ಡೆಮು ಸ್ಪೆಷಲ್, ರೈಲು ಸಂಖ್ಯೆ 07397 ಹೊಸಪೇಟೆ–ಬಳ್ಳಾರಿ ಡೆಮು ಸ್ಪೆಷಲ್ ಮತ್ತು ರೈಲು ಸಂಖ್ಯೆ 07398 ಬಳ್ಳಾರಿ–ಹೊಸಪೇಟೆ ಡೆಮು ಸ್ಪೆಷಲ್ ರೈಲುಗಳ ಸಂಚಾರವನ್ನು ರದ್ದುಪಡಿಸಲಾಗಿದೆ ಎಂದು ನೈಋತ್ಯ ರೈಲ್ವೆ ಪ್ರಕಟಣೆಯಲ್ಲಿ ತಿಳಿಸಿದೆ.
